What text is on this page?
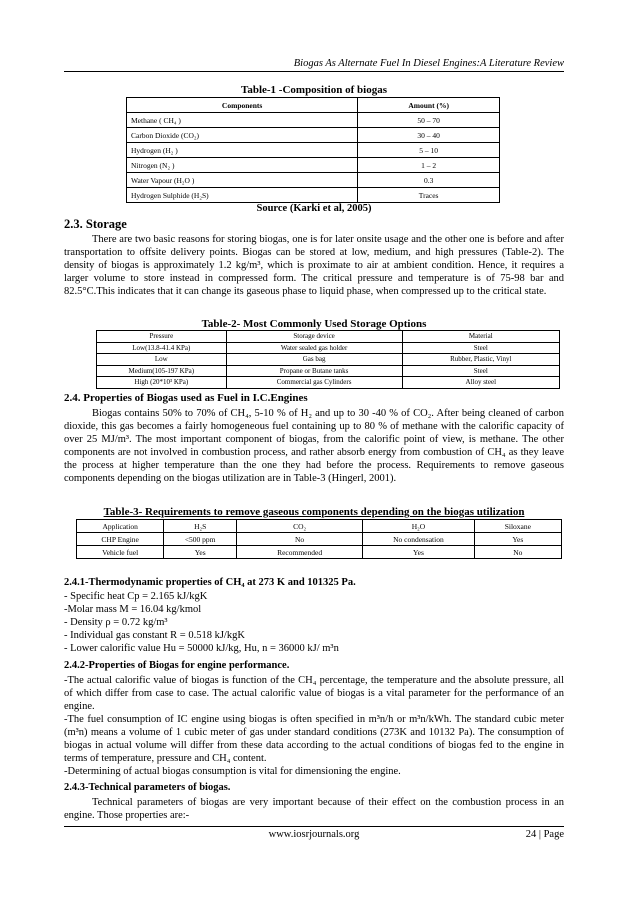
Biogas As Alternate Fuel In Diesel Engines:A Literature Review
Table-1 -Composition of biogas
Components	Amount (%)
Methane ( CH₄ )	50 – 70
Carbon Dioxide (CO₂)	30 – 40
Hydrogen (H₂ )	5 – 10
Nitrogen (N₂ )	1 – 2
Water Vapour (H₂O )	0.3
Hydrogen Sulphide (H₂S)	Traces
Source (Karki et al, 2005)
2.3. Storage

There are two basic reasons for storing biogas, one is for later onsite usage and the other one is before and after transportation to offsite delivery points. Biogas can be stored at low, medium, and high pressures (Table-2). The density of biogas is approximately 1.2 kg/m³, which is proximate to air at ambient condition. Hence, it requires a larger volume to store instead in compressed form. The critical pressure and temperature is of 75-98 bar and 82.5°C.This indicates that it can change its gaseous phase to liquid phase, when compressed up to the critical state.

Table-2- Most Commonly Used Storage Options
Pressure	Storage device	Material
Low(13.8-41.4 KPa)	Water sealed gas holder	Steel
Low	Gas bag	Rubber, Plastic, Vinyl
Medium(105-197 KPa)	Propane or Butane tanks	Steel
High (20*10³ KPa)	Commercial gas Cylinders	Alloy steel
2.4. Properties of Biogas used as Fuel in I.C.Engines

Biogas contains 50% to 70% of CH₄, 5-10 % of H₂ and up to 30 -40 % of CO₂. After being cleaned of carbon dioxide, this gas becomes a fairly homogeneous fuel containing up to 80 % of methane with the calorific capacity of over 25 MJ/m³. The most important component of biogas, from the calorific point of view, is methane. The other components are not involved in combustion process, and rather absorb energy from combustion of CH₄ as they leave the process at higher temperature than the one they had before the process. Requirements to remove gaseous components depending on the biogas utilization are in Table-3 (Hingerl, 2001).

Table-3- Requirements to remove gaseous components depending on the biogas utilization
Application	H₂S	CO₂	H₂O	Siloxane
CHP Engine	<500 ppm	No	No condensation	Yes
Vehicle fuel	Yes	Recommended	Yes	No
2.4.1-Thermodynamic properties of CH₄ at 273 K and 101325 Pa.

- Specific heat Cp = 2.165 kJ/kgK

-Molar mass M = 16.04 kg/kmol

- Density ρ = 0.72 kg/m³

- Individual gas constant R = 0.518 kJ/kgK

- Lower calorific value Hu = 50000 kJ/kg, Hu, n = 36000 kJ/ m³n

2.4.2-Properties of Biogas for engine performance.

-The actual calorific value of biogas is function of the CH₄ percentage, the temperature and the absolute pressure, all of which differ from case to case. The actual calorific value of biogas is a vital parameter for the performance of an engine.

-The fuel consumption of IC engine using biogas is often specified in m³n/h or m³n/kWh. The standard cubic meter (m³n) means a volume of 1 cubic meter of gas under standard conditions (273K and 10132 Pa). The consumption of biogas in actual volume will differ from these data according to the actual conditions of biogas fed to the engine in terms of temperature, pressure and CH₄ content.

-Determining of actual biogas consumption is vital for dimensioning the engine.

2.4.3-Technical parameters of biogas.

Technical parameters of biogas are very important because of their effect on the combustion process in an engine. Those properties are:-

www.iosrjournals.org	24 | Page
